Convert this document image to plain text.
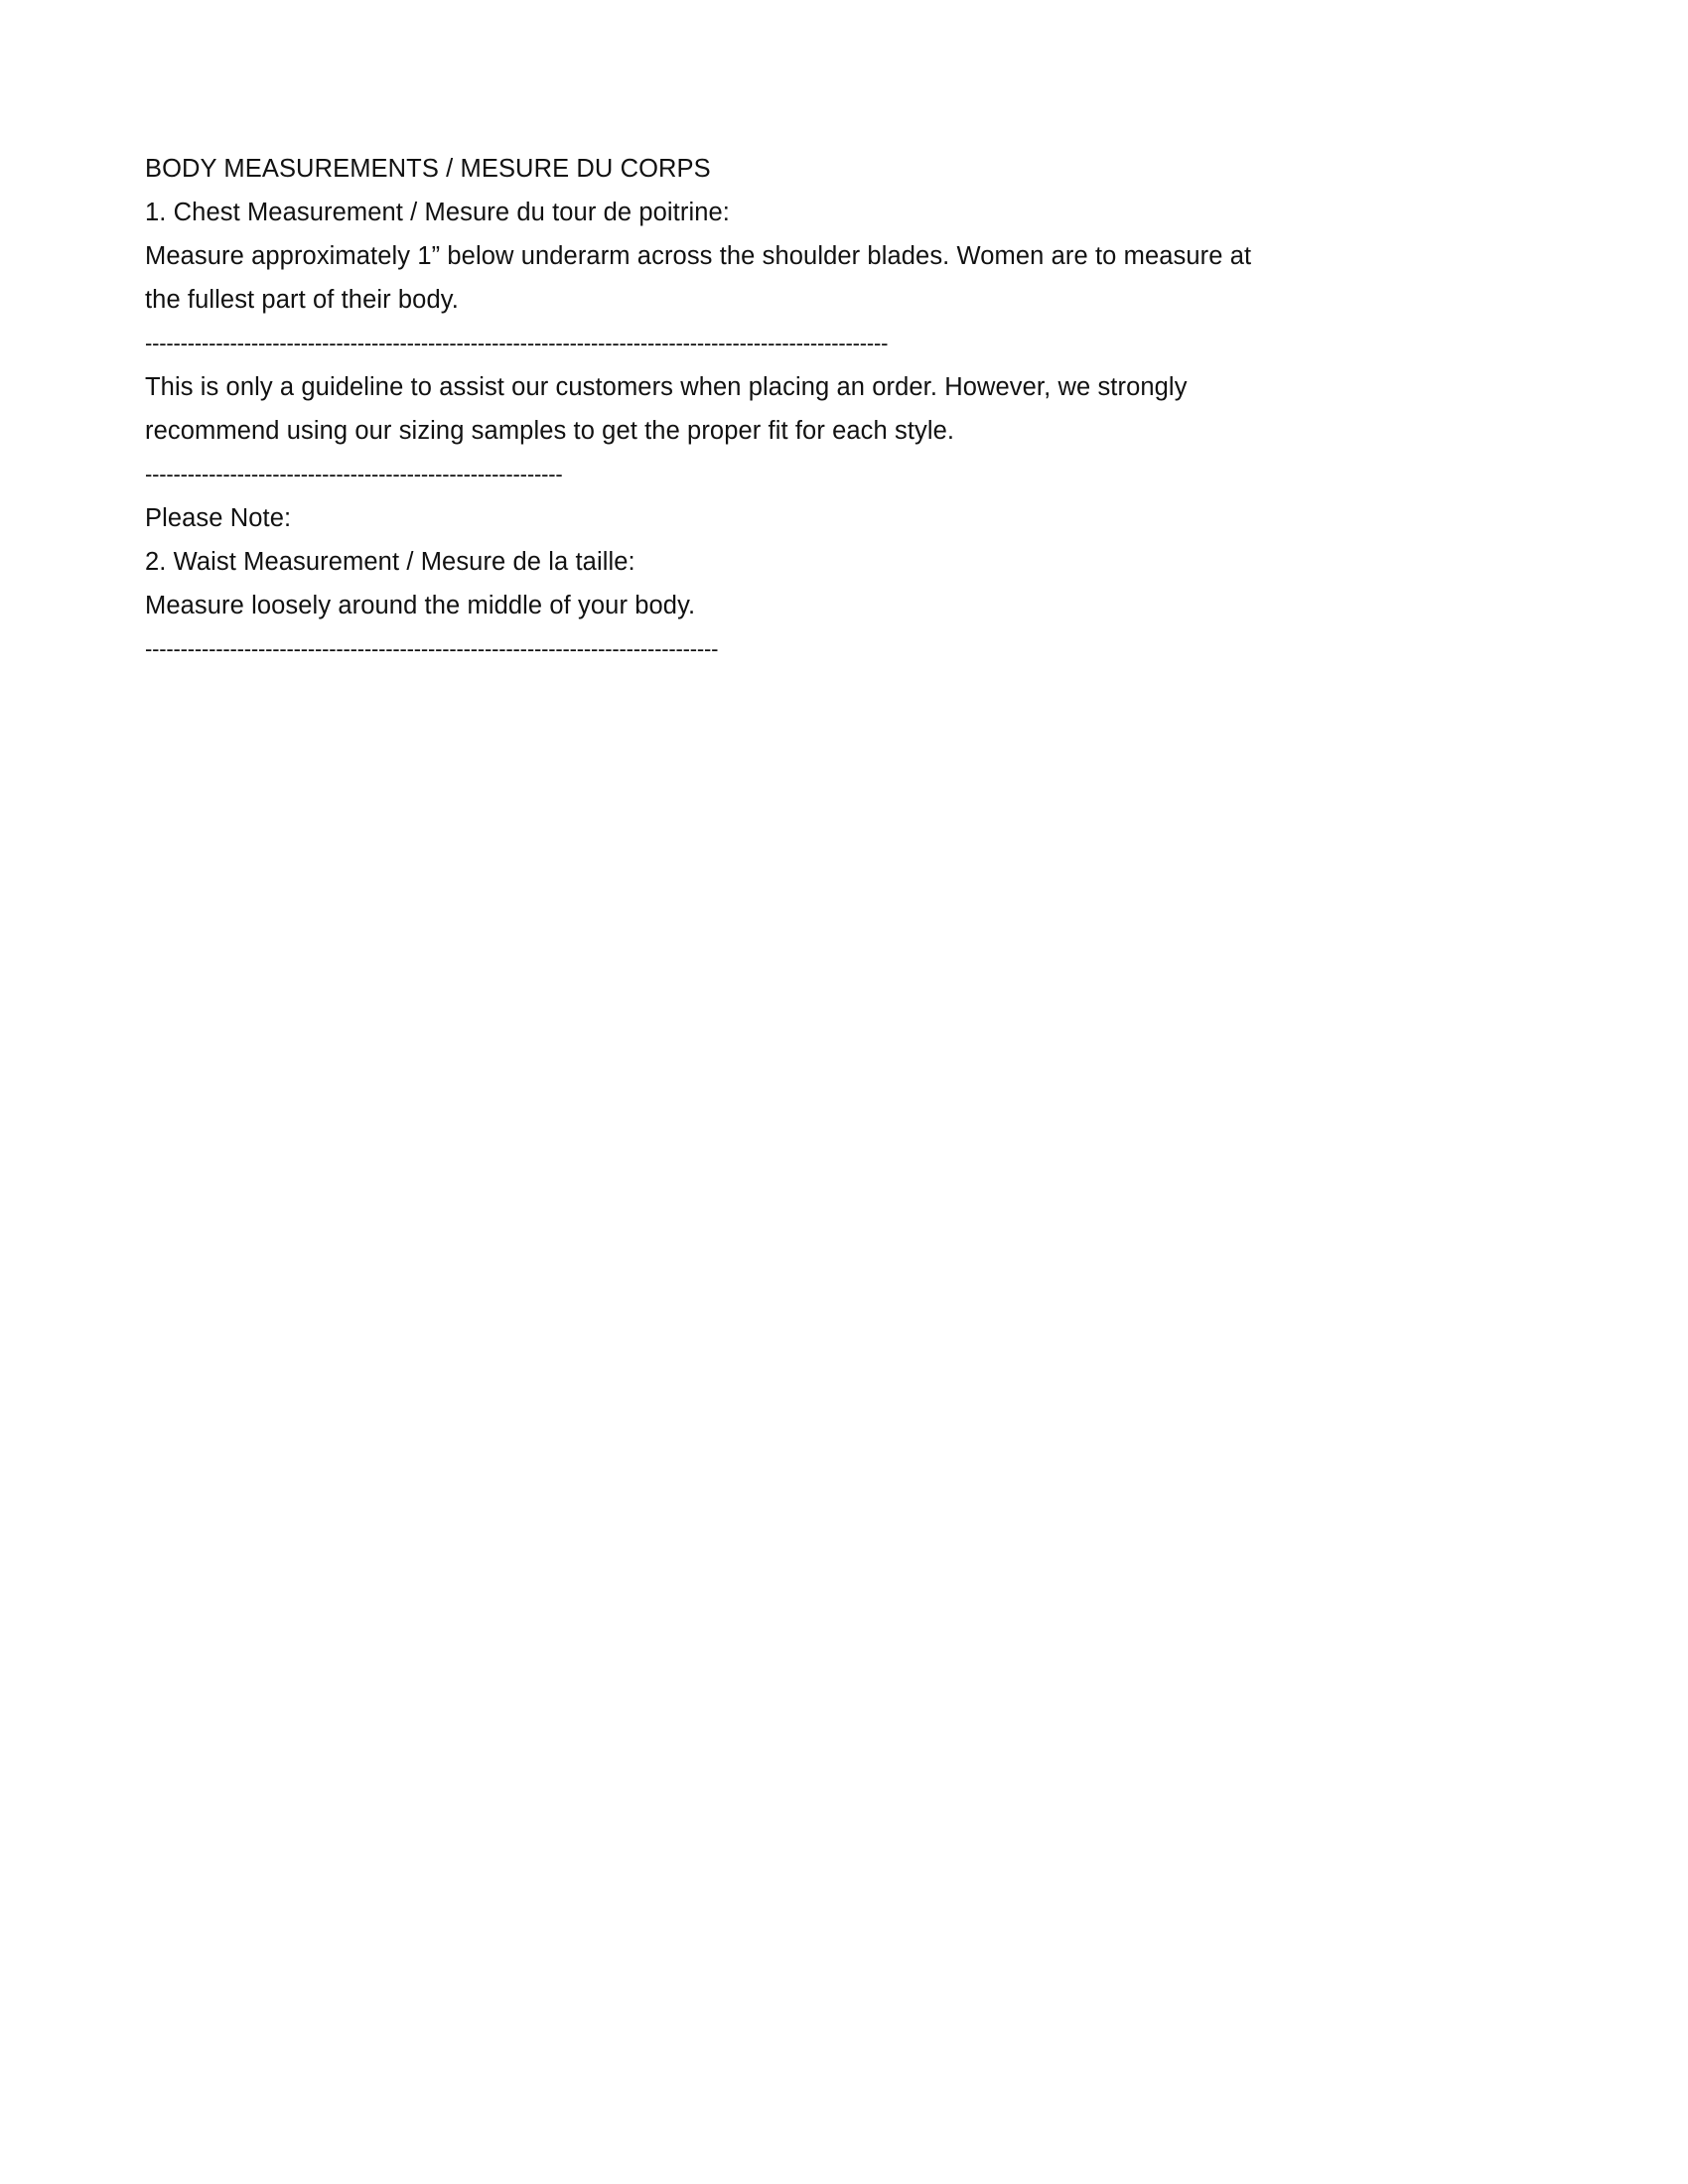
BODY MEASUREMENTS / MESURE DU CORPS
1. Chest Measurement / Mesure du tour de poitrine:
Measure approximately 1” below underarm across the shoulder blades. Women are to measure at the fullest part of their body.
---------------------------------------------------------------------------------------------------------
This is only a guideline to assist our customers when placing an order. However, we strongly recommend using our sizing samples to get the proper fit for each style.
-----------------------------------------------------------
Please Note:
2. Waist Measurement / Mesure de la taille:
Measure loosely around the middle of your body.
---------------------------------------------------------------------------------
